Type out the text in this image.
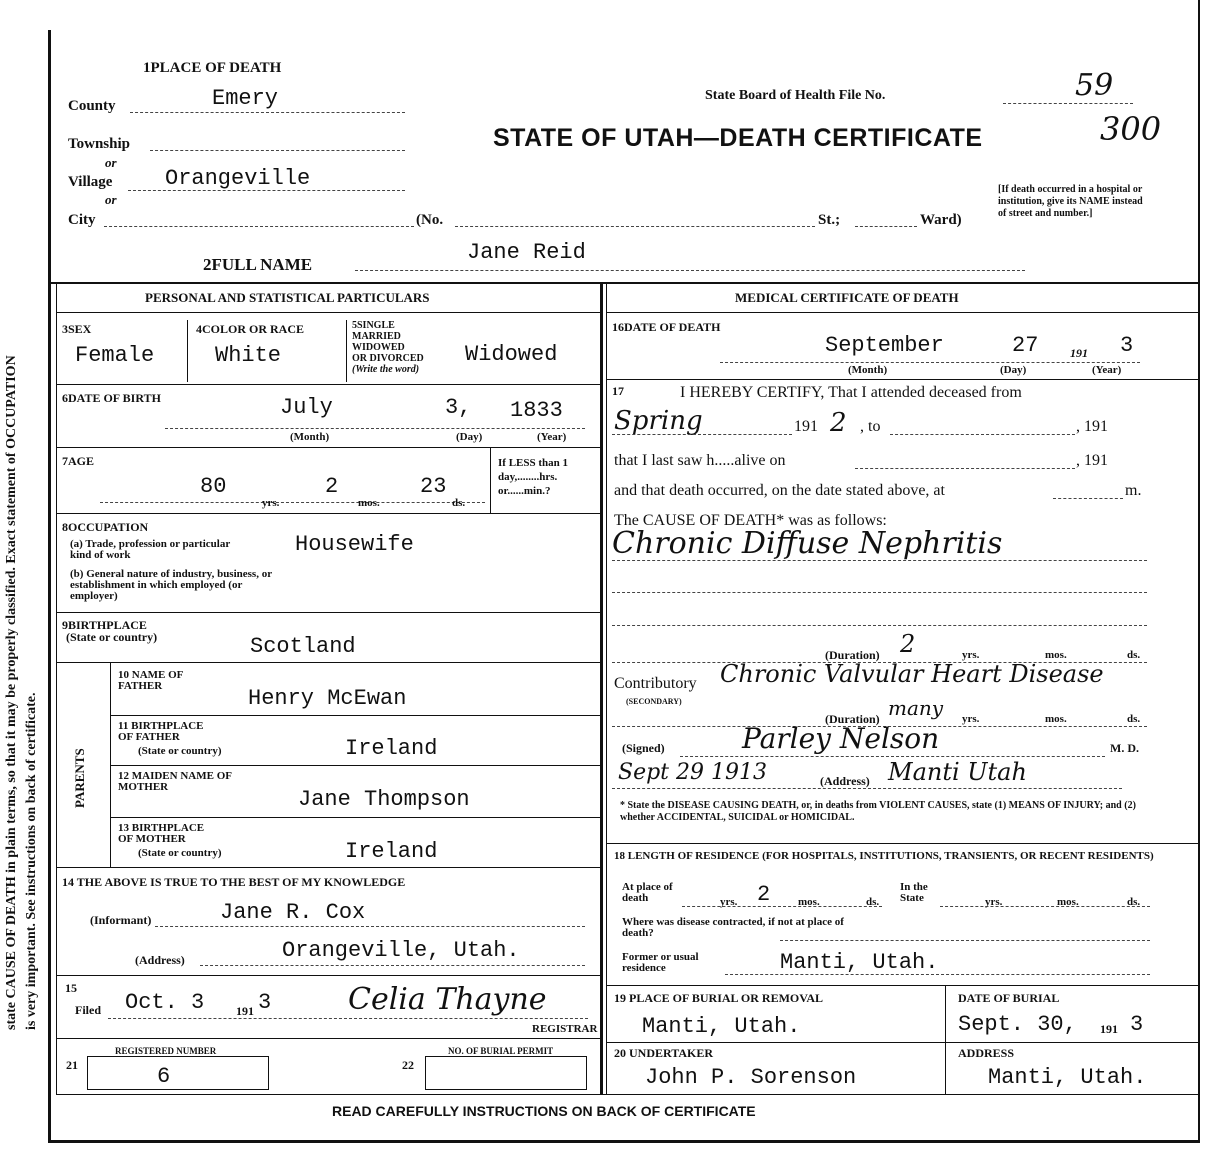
state CAUSE OF DEATH in plain terms, so that it may be properly classified. Exact statement of OCCUPATION is very important. See instructions on back of certificate.
1PLACE OF DEATH
County	Emery
Township
or
Village Orangeville
or
City	(No.	St.;	Ward)
[If death occurred in a hospital or institution, give its NAME instead of street and number.]
State Board of Health File No.	59
300
STATE OF UTAH—DEATH CERTIFICATE
2FULL NAME	Jane Reid
PERSONAL AND STATISTICAL PARTICULARS
3SEX
Female
4COLOR OR RACE
White
5SINGLE
MARRIED
WIDOWED
OR DIVORCED
(Write the word)
Widowed
6DATE OF BIRTH	July	3, 1833
(Month)	(Day)	(Year)
7AGE
80	2	23
yrs.	mos.	ds.
If LESS than 1 day,........hrs. or......min.?
8OCCUPATION
(a) Trade, profession or particular kind of work	Housewife
(b) General nature of industry, business, or establishment in which employed (or employer)
9BIRTHPLACE
(State or country)	Scotland
PARENTS
10 NAME OF FATHER	Henry McEwan
11 BIRTHPLACE OF FATHER
(State or country)	Ireland
12 MAIDEN NAME OF MOTHER	Jane Thompson
13 BIRTHPLACE OF MOTHER
(State or country)	Ireland
14 THE ABOVE IS TRUE TO THE BEST OF MY KNOWLEDGE
(Informant)	Jane R. Cox
(Address)	Orangeville, Utah.
15
Filed Oct. 3	191 3	Celia Thayne
REGISTRAR
REGISTERED NUMBER
21	6
NO. OF BURIAL PERMIT
22
MEDICAL CERTIFICATE OF DEATH
16DATE OF DEATH
September	27	191 3
(Month)	(Day)	(Year)
17	I HEREBY CERTIFY, That I attended deceased from
Spring	191 2 , to	, 191
that I last saw h.....alive on	, 191
and that death occurred, on the date stated above, at	m.
The CAUSE OF DEATH* was as follows:
Chronic Diffuse Nephritis
(Duration) 2	yrs.	mos.	ds.
Contributory
(SECONDARY)
Chronic Valvular Heart Disease
(Duration) many yrs.	mos.	ds.
(Signed)	Parley Nelson	M. D.
Sept 29 1913	(Address) Manti Utah
* State the DISEASE CAUSING DEATH, or, in deaths from VIOLENT CAUSES, state (1) MEANS OF INJURY; and (2) whether ACCIDENTAL, SUICIDAL or HOMICIDAL.
18 LENGTH OF RESIDENCE (FOR HOSPITALS, INSTITUTIONS, TRANSIENTS, OR RECENT RESIDENTS)
At place of death	yrs. 2	mos.	ds.
In the State	yrs.	mos.	ds.
Where was disease contracted, if not at place of death?
Former or usual residence	Manti, Utah.
19 PLACE OF BURIAL OR REMOVAL
Manti, Utah.
DATE OF BURIAL
Sept. 30, 191 3
20 UNDERTAKER
John P. Sorenson
ADDRESS
Manti, Utah.
READ CAREFULLY INSTRUCTIONS ON BACK OF CERTIFICATE
